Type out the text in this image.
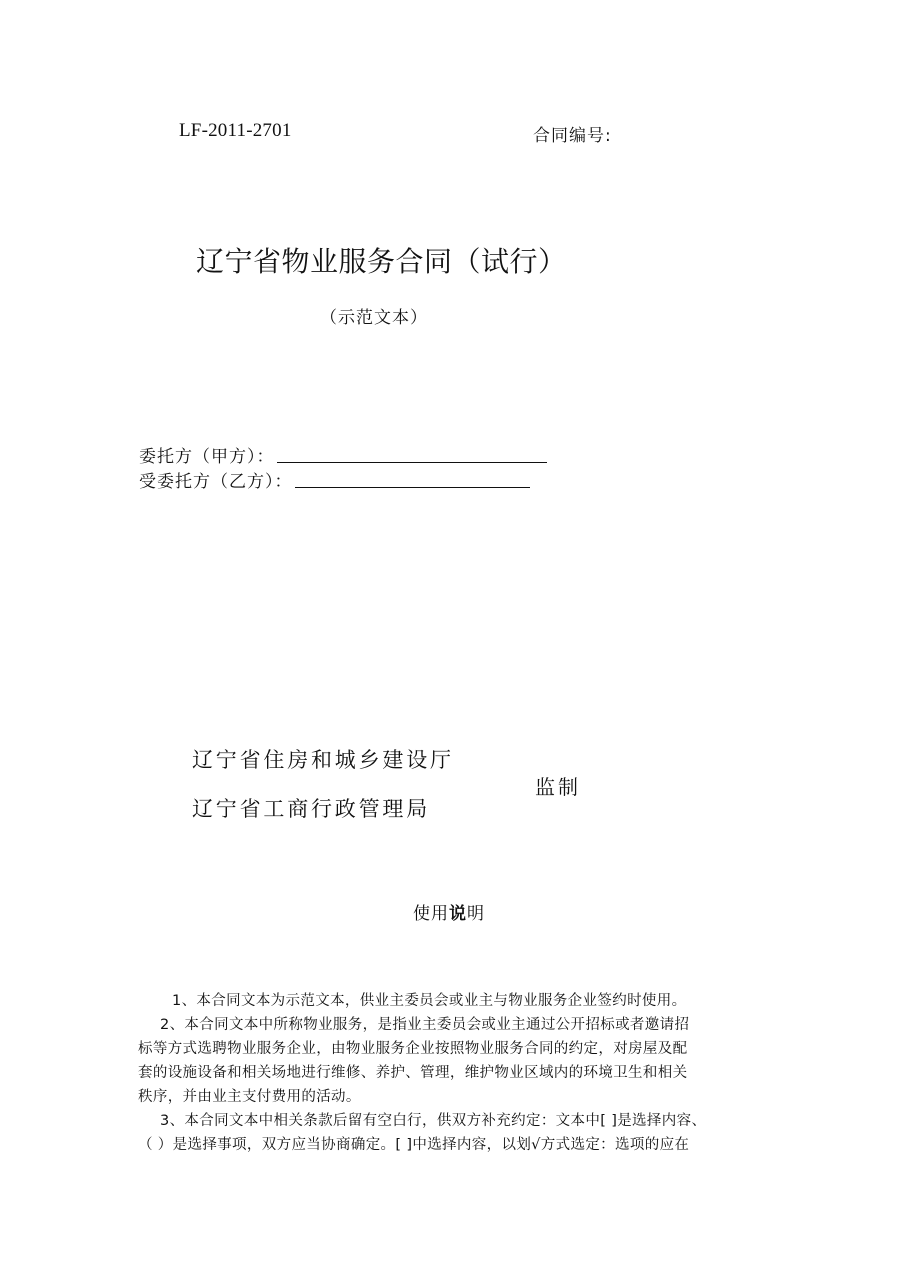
LF-2011-2701	合同编号:
辽宁省物业服务合同（试行）
（示范文本）
委托方（甲方）：
受委托方（乙方）：
辽宁省住房和城乡建设厅
辽宁省工商行政管理局
监制
使用说明
1、本合同文本为示范文本，供业主委员会或业主与物业服务企业签约时使用。
2、本合同文本中所称物业服务，是指业主委员会或业主通过公开招标或者邀请招
标等方式选聘物业服务企业，由物业服务企业按照物业服务合同的约定，对房屋及配
套的设施设备和相关场地进行维修、养护、管理，维护物业区域内的环境卫生和相关
秩序，并由业主支付费用的活动。
3、本合同文本中相关条款后留有空白行，供双方补充约定：文本中[ ]是选择内容、
（ ）是选择事项，双方应当协商确定。[ ]中选择内容，以划√方式选定：选项的应在
